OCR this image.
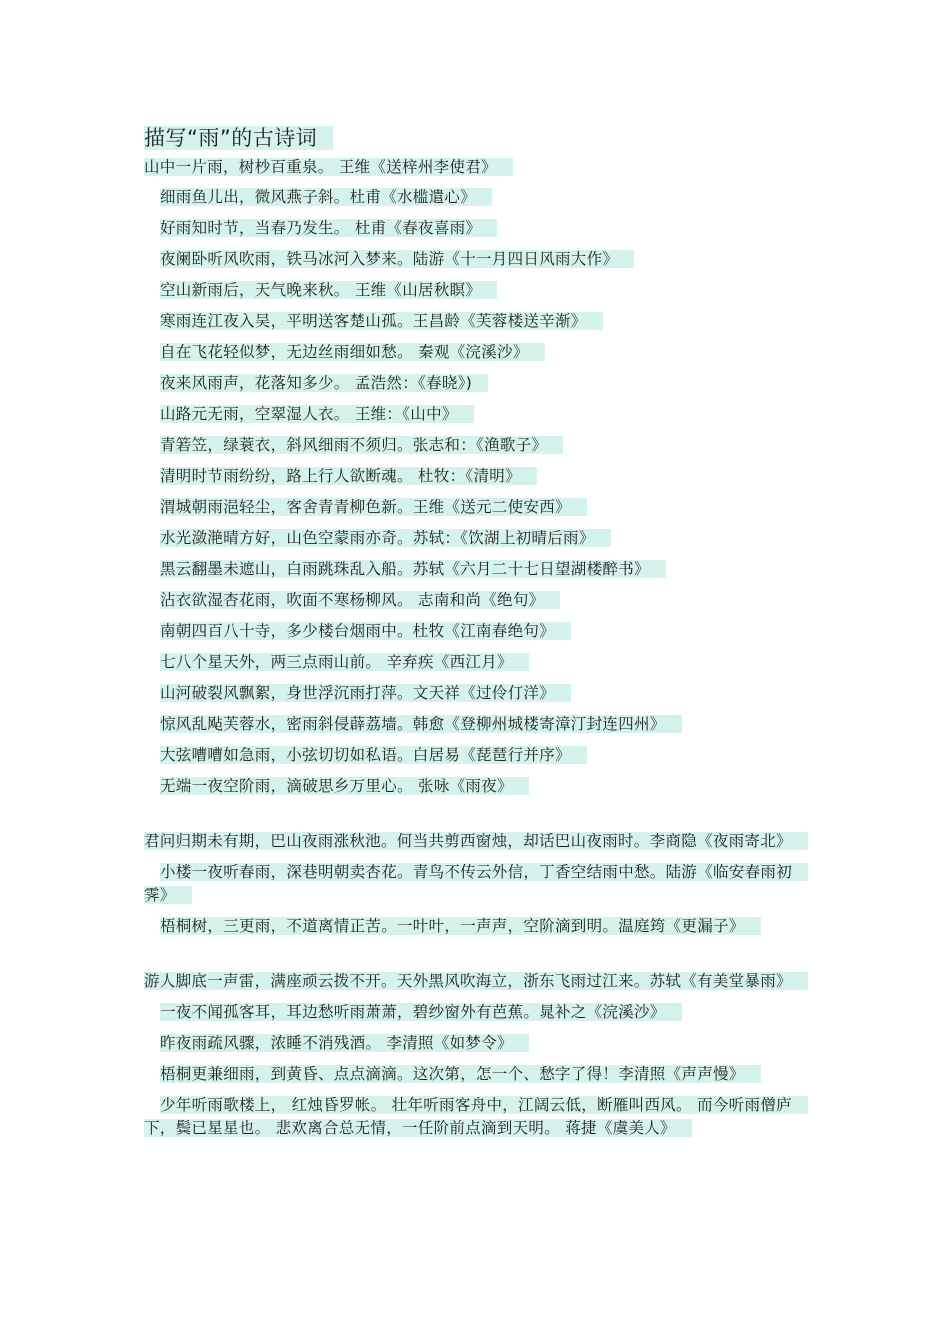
描写“雨”的古诗词
山中一片雨，树杪百重泉。 王维《送梓州李使君》
细雨鱼儿出，微风燕子斜。杜甫《水槛遣心》
好雨知时节，当春乃发生。 杜甫《春夜喜雨》
夜阑卧听风吹雨，铁马冰河入梦来。陆游《十一月四日风雨大作》
空山新雨后，天气晚来秋。 王维《山居秋瞑》
寒雨连江夜入吴，平明送客楚山孤。王昌龄《芙蓉楼送辛渐》
自在飞花轻似梦，无边丝雨细如愁。 秦观《浣溪沙》
夜来风雨声，花落知多少。 孟浩然：《春晓》)
山路元无雨，空翠湿人衣。 王维：《山中》
青箬笠，绿蓑衣，斜风细雨不须归。张志和：《渔歌子》
清明时节雨纷纷，路上行人欲断魂。 杜牧：《清明》
渭城朝雨浥轻尘，客舍青青柳色新。王维《送元二使安西》
水光潋滟晴方好，山色空蒙雨亦奇。苏轼：《饮湖上初晴后雨》
黑云翻墨未遮山，白雨跳珠乱入船。苏轼《六月二十七日望湖楼醉书》
沾衣欲湿杏花雨，吹面不寒杨柳风。 志南和尚《绝句》
南朝四百八十寺，多少楼台烟雨中。杜牧《江南春绝句》
七八个星天外，两三点雨山前。 辛弃疾《西江月》
山河破裂风飘絮，身世浮沉雨打萍。文天祥《过伶仃洋》
惊风乱飐芙蓉水，密雨斜侵薜荔墙。韩愈《登柳州城楼寄漳汀封连四州》
大弦嘈嘈如急雨，小弦切切如私语。白居易《琵琶行并序》
无端一夜空阶雨，滴破思乡万里心。 张咏《雨夜》
君问归期未有期，巴山夜雨涨秋池。何当共剪西窗烛，却话巴山夜雨时。李商隐《夜雨寄北》
小楼一夜听春雨，深巷明朝卖杏花。青鸟不传云外信，丁香空结雨中愁。陆游《临安春雨初霁》
梧桐树，三更雨，不道离情正苦。一叶叶，一声声，空阶滴到明。温庭筠《更漏子》
游人脚底一声雷，满座顽云拨不开。天外黑风吹海立，浙东飞雨过江来。苏轼《有美堂暴雨》
一夜不闻孤客耳，耳边愁听雨萧萧，碧纱窗外有芭蕉。晁补之《浣溪沙》
昨夜雨疏风骤，浓睡不消残酒。 李清照《如梦令》
梧桐更兼细雨，到黄昏、点点滴滴。这次第，怎一个、愁字了得！李清照《声声慢》
少年听雨歌楼上， 红烛昏罗帐。 壮年听雨客舟中，江阔云低，断雁叫西风。 而今听雨僧庐下，鬓已星星也。 悲欢离合总无情，一任阶前点滴到天明。 蒋捷《虞美人》
